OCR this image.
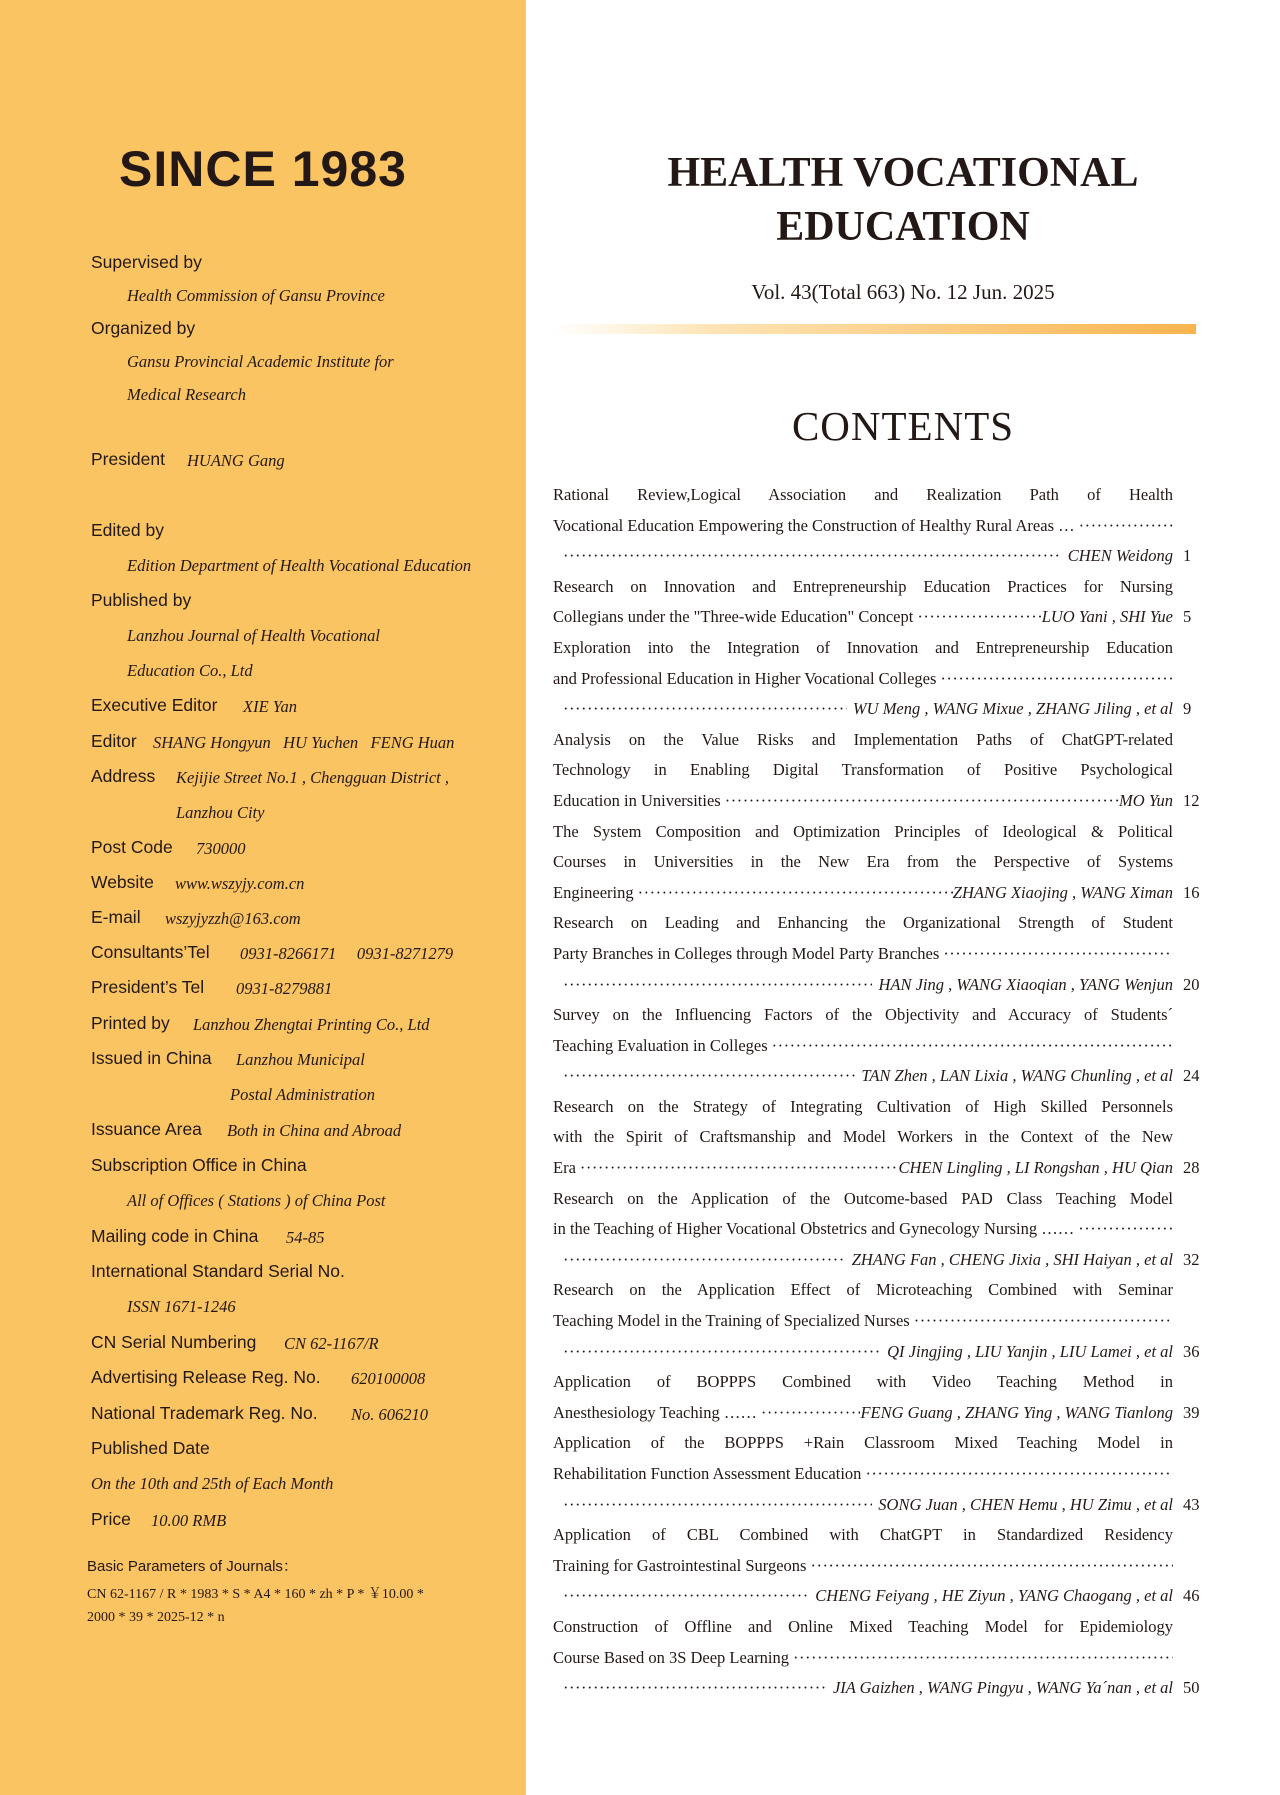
SINCE 1983
Supervised by
Health Commission of Gansu Province
Organized by
Gansu Provincial Academic Institute for
Medical Research
President HUANG Gang
Edited by
Edition Department of Health Vocational Education
Published by
Lanzhou Journal of Health Vocational
Education Co., Ltd
Executive Editor XIE Yan
Editor SHANG Hongyun   HU Yuchen   FENG Huan
Address Kejijie Street No.1 , Chengguan District ,
Lanzhou City
Post Code 730000
Website www.wszyjy.com.cn
E-mail wszyjyzzh@163.com
Consultants’Tel 0931-8266171     0931-8271279
President’s Tel 0931-8279881
Printed by Lanzhou Zhengtai Printing Co., Ltd
Issued in China Lanzhou Municipal
Postal Administration
Issuance Area Both in China and Abroad
Subscription Office in China
All of Offices ( Stations ) of China Post
Mailing code in China 54-85
International Standard Serial No.
ISSN 1671-1246
CN Serial Numbering CN 62-1167/R
Advertising Release Reg. No. 620100008
National Trademark Reg. No. No. 606210
Published Date
On the 10th and 25th of Each Month
Price 10.00 RMB
Basic Parameters of Journals：
CN 62-1167 / R * 1983 * S * A4 * 160 * zh * P * ￥10.00 *
2000 * 39 * 2025-12 * n
HEALTH VOCATIONAL
EDUCATION
Vol. 43(Total 663) No. 12 Jun. 2025
CONTENTS
Rational Review,Logical Association and Realization Path of Health
Vocational Education Empowering the Construction of Healthy Rural Areas …
·····
·····
CHEN Weidong 1
Research on Innovation and Entrepreneurship Education Practices for Nursing
Collegians under the "Three-wide Education" Concept ·····	LUO Yani , SHI Yue 5
Exploration into the Integration of Innovation and Entrepreneurship Education
and Professional Education in Higher Vocational Colleges
·····
·····
WU Meng , WANG Mixue , ZHANG Jiling , et al 9
Analysis on the Value Risks and Implementation Paths of ChatGPT-related
Technology in Enabling Digital Transformation of Positive Psychological
Education in Universities ·····	MO Yun 12
The System Composition and Optimization Principles of Ideological & Political
Courses in Universities in the New Era from the Perspective of Systems
Engineering ·····	ZHANG Xiaojing , WANG Ximan 16
Research on Leading and Enhancing the Organizational Strength of Student
Party Branches in Colleges through Model Party Branches
·····
·····
HAN Jing , WANG Xiaoqian , YANG Wenjun 20
Survey on the Influencing Factors of the Objectivity and Accuracy of Students´
Teaching Evaluation in Colleges
·····
·····
TAN Zhen , LAN Lixia , WANG Chunling , et al 24
Research on the Strategy of Integrating Cultivation of High Skilled Personnels
with the Spirit of Craftsmanship and Model Workers in the Context of the New
Era ·····	CHEN Lingling , LI Rongshan , HU Qian 28
Research on the Application of the Outcome-based PAD Class Teaching Model
in the Teaching of Higher Vocational Obstetrics and Gynecology Nursing ……
·····
·····
ZHANG Fan , CHENG Jixia , SHI Haiyan , et al 32
Research on the Application Effect of Microteaching Combined with Seminar
Teaching Model in the Training of Specialized Nurses
·····
·····
QI Jingjing , LIU Yanjin , LIU Lamei , et al 36
Application of BOPPPS Combined with Video Teaching Method in
Anesthesiology Teaching …… ·····	FENG Guang , ZHANG Ying , WANG Tianlong 39
Application of the BOPPPS +Rain Classroom Mixed Teaching Model in
Rehabilitation Function Assessment Education
·····
·····
SONG Juan , CHEN Hemu , HU Zimu , et al 43
Application of CBL Combined with ChatGPT in Standardized Residency
Training for Gastrointestinal Surgeons
·····
·····
CHENG Feiyang , HE Ziyun , YANG Chaogang , et al 46
Construction of Offline and Online Mixed Teaching Model for Epidemiology
Course Based on 3S Deep Learning
·····
·····
JIA Gaizhen , WANG Pingyu , WANG Ya´nan , et al 50
